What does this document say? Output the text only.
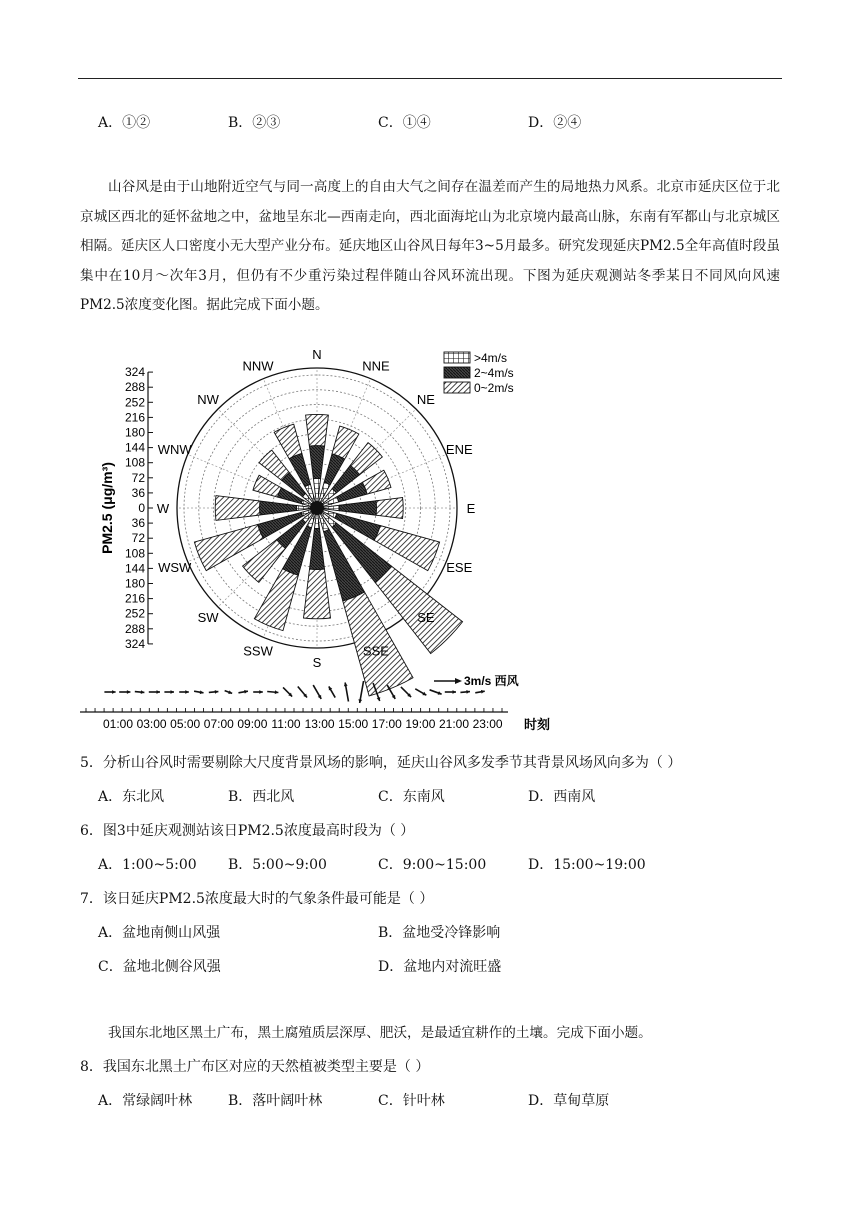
A．①②	B．②③	C．①④	D．②④
山谷风是由于山地附近空气与同一高度上的自由大气之间存在温差而产生的局地热力风系。北京市延庆区位于北京城区西北的延怀盆地之中，盆地呈东北—西南走向，西北面海坨山为北京境内最高山脉，东南有军都山与北京城区相隔。延庆区人口密度小无大型产业分布。延庆地区山谷风日每年3~5月最多。研究发现延庆PM2.5全年高值时段虽集中在10月～次年3月，但仍有不少重污染过程伴随山谷风环流出现。下图为延庆观测站冬季某日不同风向风速PM2.5浓度变化图。据此完成下面小题。
0
36
36
72
72
108
108
144
144
180
180
216
216
252
252
288
288
324
324
PM2.5 (μg/m³)
N
NNE
NE
ENE
E
ESE
SE
SSE
S
SSW
SW
WSW
W
WNW
NW
NNW
>4m/s
2~4m/s
0~2m/s
01:00 03:00 05:00 07:00 09:00 11:00 13:00 15:00 17:00 19:00 21:00 23:00 时刻
3m/s 西风
5．分析山谷风时需要剔除大尺度背景风场的影响，延庆山谷风多发季节其背景风场风向多为（ ）
A．东北风	B．西北风	C．东南风	D．西南风
6．图3中延庆观测站该日PM2.5浓度最高时段为（ ）
A．1:00~5:00 B．5:00~9:00	C．9:00~15:00	D．15:00~19:00
7．该日延庆PM2.5浓度最大时的气象条件最可能是（ ）
A．盆地南侧山风强	B．盆地受冷锋影响
C．盆地北侧谷风强	D．盆地内对流旺盛
我国东北地区黑土广布，黑土腐殖质层深厚、肥沃，是最适宜耕作的土壤。完成下面小题。
8．我国东北黑土广布区对应的天然植被类型主要是（ ）
A．常绿阔叶林	B．落叶阔叶林	C．针叶林	D．草甸草原
